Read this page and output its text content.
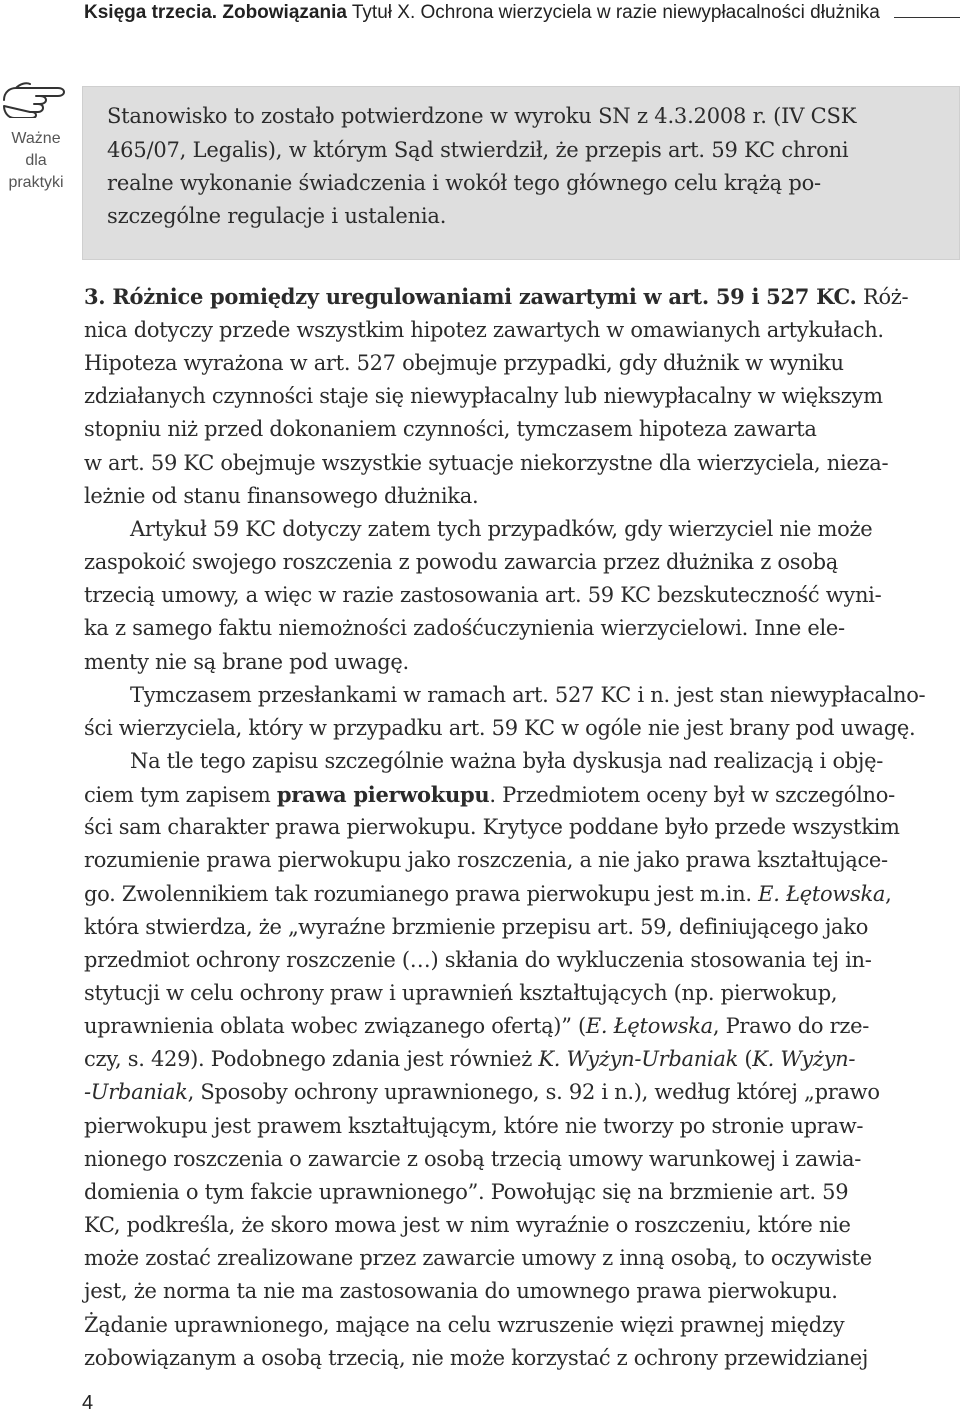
Księga trzecia. Zobowiązania Tytuł X. Ochrona wierzyciela w razie niewypłacalności dłużnika
Ważne
dla
praktyki
Stanowisko to zostało potwierdzone w wyroku SN z 4.3.2008 r. (IV CSK
465/07, Legalis), w którym Sąd stwierdził, że przepis art. 59 KC chroni
realne wykonanie świadczenia i wokół tego głównego celu krążą po-
szczególne regulacje i ustalenia.
3. Różnice pomiędzy uregulowaniami zawartymi w art. 59 i 527 KC. Róż-
nica dotyczy przede wszystkim hipotez zawartych w omawianych artykułach.
Hipoteza wyrażona w art. 527 obejmuje przypadki, gdy dłużnik w wyniku
zdziałanych czynności staje się niewypłacalny lub niewypłacalny w większym
stopniu niż przed dokonaniem czynności, tymczasem hipoteza zawarta
w art. 59 KC obejmuje wszystkie sytuacje niekorzystne dla wierzyciela, nieza-
leżnie od stanu finansowego dłużnika.
Artykuł 59 KC dotyczy zatem tych przypadków, gdy wierzyciel nie może
zaspokoić swojego roszczenia z powodu zawarcia przez dłużnika z osobą
trzecią umowy, a więc w razie zastosowania art. 59 KC bezskuteczność wyni-
ka z samego faktu niemożności zadośćuczynienia wierzycielowi. Inne ele-
menty nie są brane pod uwagę.
Tymczasem przesłankami w ramach art. 527 KC i n. jest stan niewypłacalno-
ści wierzyciela, który w przypadku art. 59 KC w ogóle nie jest brany pod uwagę.
Na tle tego zapisu szczególnie ważna była dyskusja nad realizacją i obję-
ciem tym zapisem prawa pierwokupu. Przedmiotem oceny był w szczególno-
ści sam charakter prawa pierwokupu. Krytyce poddane było przede wszystkim
rozumienie prawa pierwokupu jako roszczenia, a nie jako prawa kształtujące-
go. Zwolennikiem tak rozumianego prawa pierwokupu jest m.in. E. Łętowska,
która stwierdza, że „wyraźne brzmienie przepisu art. 59, definiującego jako
przedmiot ochrony roszczenie (…) skłania do wykluczenia stosowania tej in-
stytucji w celu ochrony praw i uprawnień kształtujących (np. pierwokup,
uprawnienia oblata wobec związanego ofertą)” (E. Łętowska, Prawo do rze-
czy, s. 429). Podobnego zdania jest również K. Wyżyn-Urbaniak (K. Wyżyn-
-Urbaniak, Sposoby ochrony uprawnionego, s. 92 i n.), według której „prawo
pierwokupu jest prawem kształtującym, które nie tworzy po stronie upraw-
nionego roszczenia o zawarcie z osobą trzecią umowy warunkowej i zawia-
domienia o tym fakcie uprawnionego”. Powołując się na brzmienie art. 59
KC, podkreśla, że skoro mowa jest w nim wyraźnie o roszczeniu, które nie
może zostać zrealizowane przez zawarcie umowy z inną osobą, to oczywiste
jest, że norma ta nie ma zastosowania do umownego prawa pierwokupu.
Żądanie uprawnionego, mające na celu wzruszenie więzi prawnej między
zobowiązanym a osobą trzecią, nie może korzystać z ochrony przewidzianej
4
